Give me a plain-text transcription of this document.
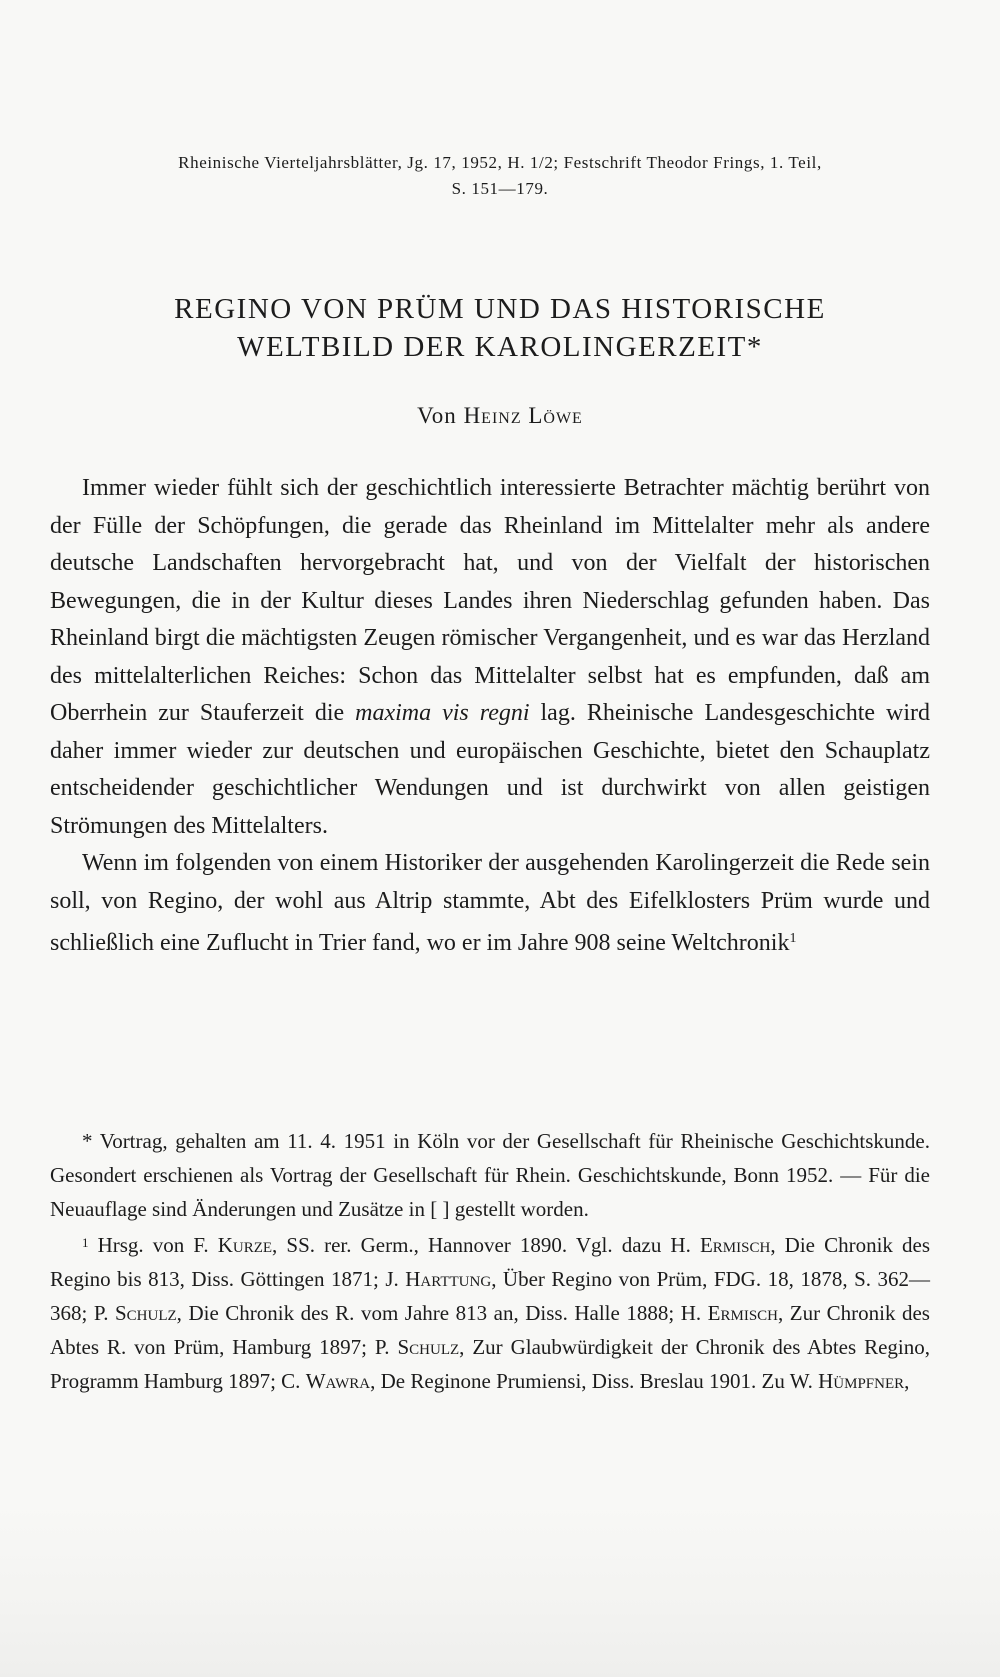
Rheinische Vierteljahrsblätter, Jg. 17, 1952, H. 1/2; Festschrift Theodor Frings, 1. Teil,
S. 151—179.
REGINO VON PRÜM UND DAS HISTORISCHE
WELTBILD DER KAROLINGERZEIT*
Von Heinz Löwe

Immer wieder fühlt sich der geschichtlich interessierte Betrachter mächtig berührt von der Fülle der Schöpfungen, die gerade das Rheinland im Mittelalter mehr als andere deutsche Landschaften hervorgebracht hat, und von der Vielfalt der historischen Bewegungen, die in der Kultur dieses Landes ihren Niederschlag gefunden haben. Das Rheinland birgt die mächtigsten Zeugen römischer Vergangenheit, und es war das Herzland des mittelalterlichen Reiches: Schon das Mittelalter selbst hat es empfunden, daß am Oberrhein zur Stauferzeit die maxima vis regni lag. Rheinische Landesgeschichte wird daher immer wieder zur deutschen und europäischen Geschichte, bietet den Schauplatz entscheidender geschichtlicher Wendungen und ist durchwirkt von allen geistigen Strömungen des Mittelalters.

Wenn im folgenden von einem Historiker der ausgehenden Karolingerzeit die Rede sein soll, von Regino, der wohl aus Altrip stammte, Abt des Eifelklosters Prüm wurde und schließlich eine Zuflucht in Trier fand, wo er im Jahre 908 seine Weltchronik$^1$

* Vortrag, gehalten am 11. 4. 1951 in Köln vor der Gesellschaft für Rheinische Geschichtskunde. Gesondert erschienen als Vortrag der Gesellschaft für Rhein. Geschichtskunde, Bonn 1952. — Für die Neuauflage sind Änderungen und Zusätze in [ ] gestellt worden.

$^1$ Hrsg. von F. Kurze, SS. rer. Germ., Hannover 1890. Vgl. dazu H. Ermisch, Die Chronik des Regino bis 813, Diss. Göttingen 1871; J. Harttung, Über Regino von Prüm, FDG. 18, 1878, S. 362—368; P. Schulz, Die Chronik des R. vom Jahre 813 an, Diss. Halle 1888; H. Ermisch, Zur Chronik des Abtes R. von Prüm, Hamburg 1897; P. Schulz, Zur Glaubwürdigkeit der Chronik des Abtes Regino, Programm Hamburg 1897; C. Wawra, De Reginone Prumiensi, Diss. Breslau 1901. Zu W. Hümpfner,
